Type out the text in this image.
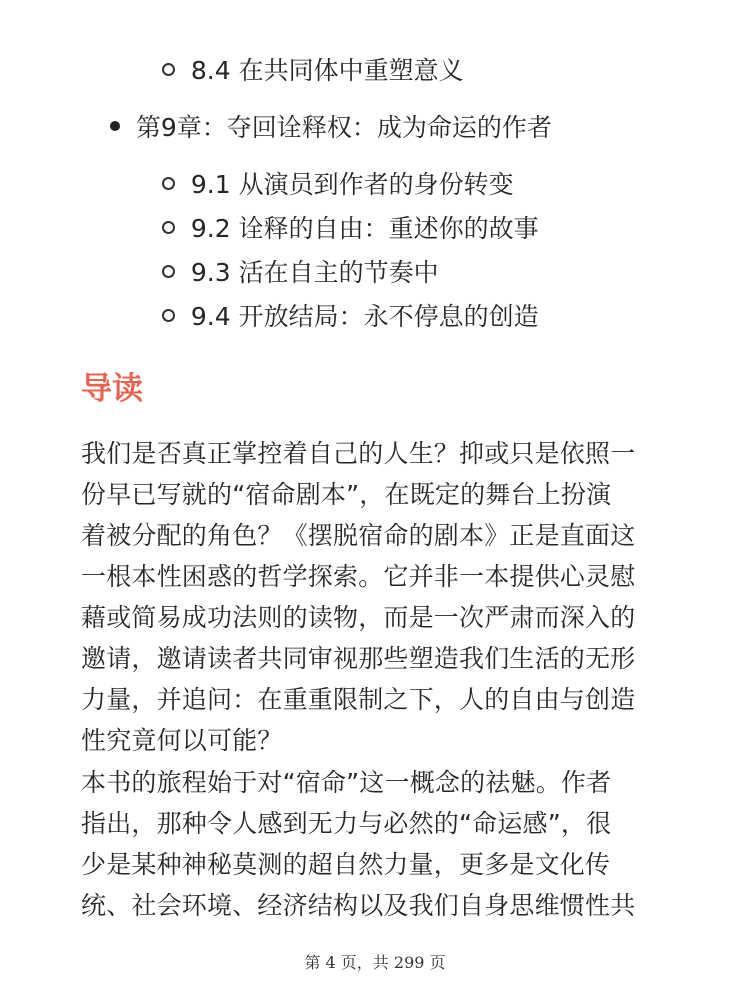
8.4 在共同体中重塑意义
第9章：夺回诠释权：成为命运的作者
9.1 从演员到作者的身份转变
9.2 诠释的自由：重述你的故事
9.3 活在自主的节奏中
9.4 开放结局：永不停息的创造
导读
我们是否真正掌控着自己的人生？抑或只是依照一
份早已写就的“宿命剧本”，在既定的舞台上扮演
着被分配的角色？《摆脱宿命的剧本》正是直面这
一根本性困惑的哲学探索。它并非一本提供心灵慰
藉或简易成功法则的读物，而是一次严肃而深入的
邀请，邀请读者共同审视那些塑造我们生活的无形
力量，并追问：在重重限制之下，人的自由与创造
性究竟何以可能？
本书的旅程始于对“宿命”这一概念的祛魅。作者
指出，那种令人感到无力与必然的“命运感”，很
少是某种神秘莫测的超自然力量，更多是文化传
统、社会环境、经济结构以及我们自身思维惯性共
第 4 页，共 299 页
